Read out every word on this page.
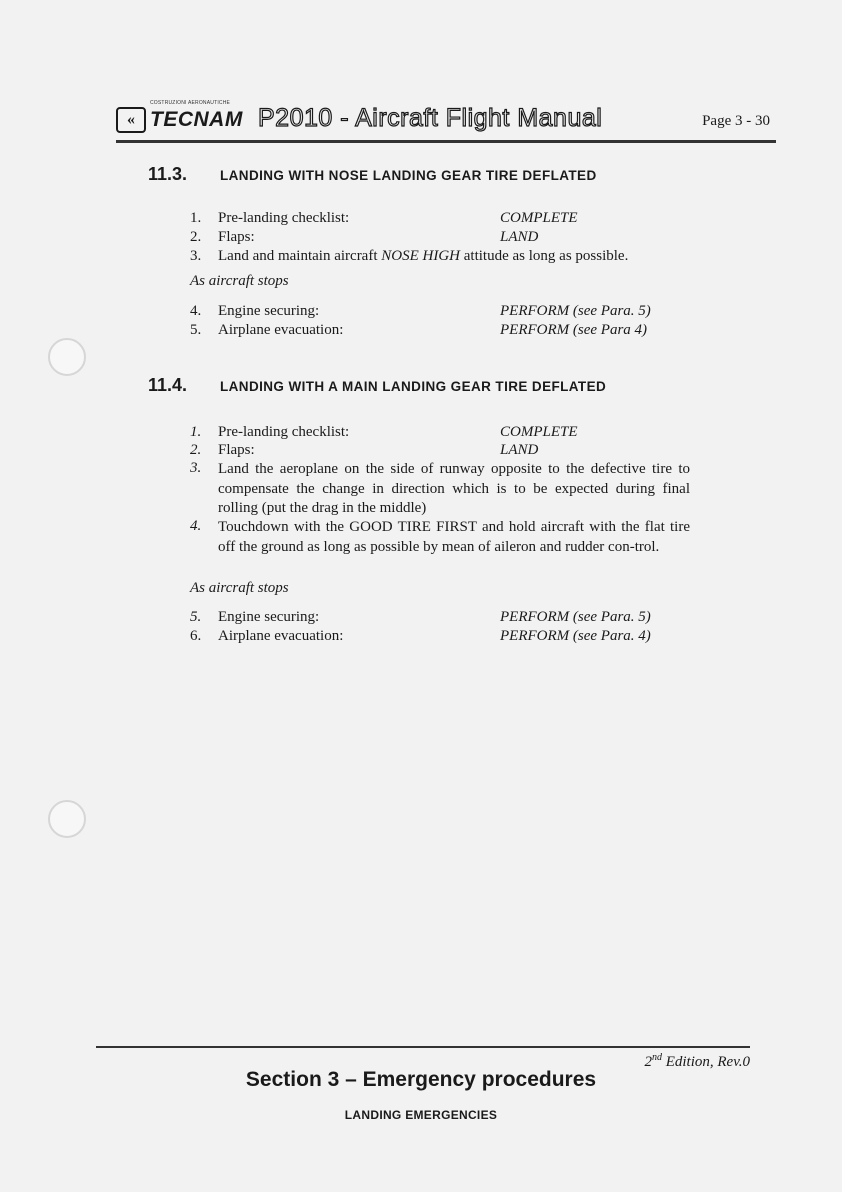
«
COSTRUZIONI AERONAUTICHE
TECNAM P2010 - Aircraft Flight Manual	Page 3 - 30
11.3. LANDING WITH NOSE LANDING GEAR TIRE DEFLATED
1. Pre-landing checklist:	COMPLETE
2. Flaps:	LAND
3. Land and maintain aircraft NOSE HIGH attitude as long as possible.
As aircraft stops
4. Engine securing:	PERFORM (see Para. 5)
5. Airplane evacuation:	PERFORM (see Para 4)
11.4. LANDING WITH A MAIN LANDING GEAR TIRE DEFLATED
1. Pre-landing checklist:	COMPLETE
2. Flaps:	LAND
3. Land the aeroplane on the side of runway opposite to the defective tire to compensate the change in direction which is to be expected during final rolling (put the drag in the middle)
4. Touchdown with the GOOD TIRE FIRST and hold aircraft with the flat tire off the ground as long as possible by mean of aileron and rudder con-trol.
As aircraft stops
5. Engine securing:	PERFORM (see Para. 5)
6. Airplane evacuation:	PERFORM (see Para. 4)
2nd Edition, Rev.0
Section 3 – Emergency procedures
LANDING EMERGENCIES
